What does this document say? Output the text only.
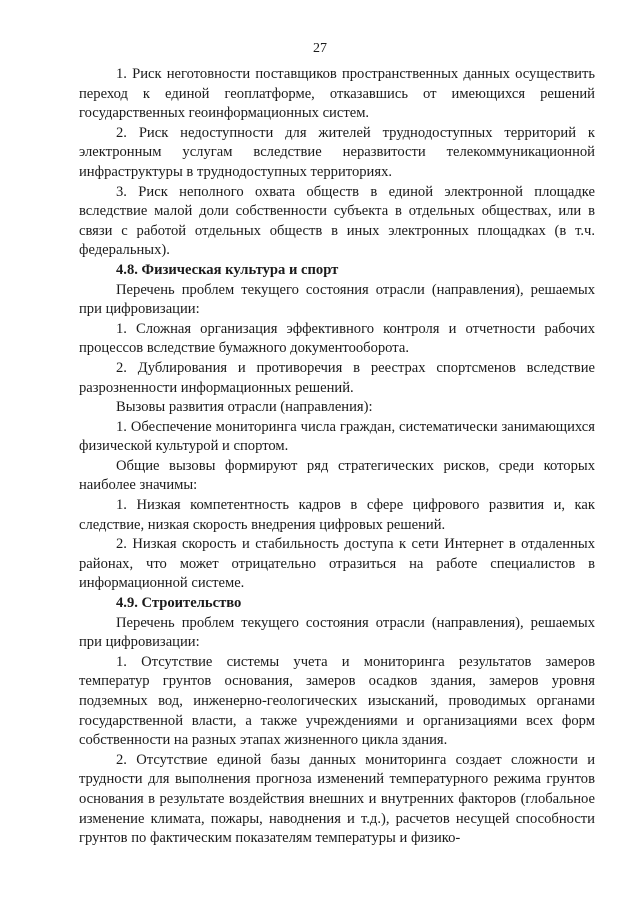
27

1. Риск неготовности поставщиков пространственных данных осуществить переход к единой геоплатформе, отказавшись от имеющихся решений государственных геоинформационных систем.

2. Риск недоступности для жителей труднодоступных территорий к электронным услугам вследствие неразвитости телекоммуникационной инфраструктуры в труднодоступных территориях.

3. Риск неполного охвата обществ в единой электронной площадке вследствие малой доли собственности субъекта в отдельных обществах, или в связи с работой отдельных обществ в иных электронных площадках (в т.ч. федеральных).

4.8. Физическая культура и спорт

Перечень проблем текущего состояния отрасли (направления), решаемых при цифровизации:

1. Сложная организация эффективного контроля и отчетности рабочих процессов вследствие бумажного документооборота.

2. Дублирования и противоречия в реестрах спортсменов вследствие разрозненности информационных решений.

Вызовы развития отрасли (направления):

1. Обеспечение мониторинга числа граждан, систематически занимающихся физической культурой и спортом.

Общие вызовы формируют ряд стратегических рисков, среди которых наиболее значимы:

1. Низкая компетентность кадров в сфере цифрового развития и, как следствие, низкая скорость внедрения цифровых решений.

2. Низкая скорость и стабильность доступа к сети Интернет в отдаленных районах, что может отрицательно отразиться на работе специалистов в информационной системе.

4.9. Строительство

Перечень проблем текущего состояния отрасли (направления), решаемых при цифровизации:

1. Отсутствие системы учета и мониторинга результатов замеров температур грунтов основания, замеров осадков здания, замеров уровня подземных вод, инженерно-геологических изысканий, проводимых органами государственной власти, а также учреждениями и организациями всех форм собственности на разных этапах жизненного цикла здания.

2. Отсутствие единой базы данных мониторинга создает сложности и трудности для выполнения прогноза изменений температурного режима грунтов основания в результате воздействия внешних и внутренних факторов (глобальное изменение климата, пожары, наводнения и т.д.), расчетов несущей способности грунтов по фактическим показателям температуры и физико-
